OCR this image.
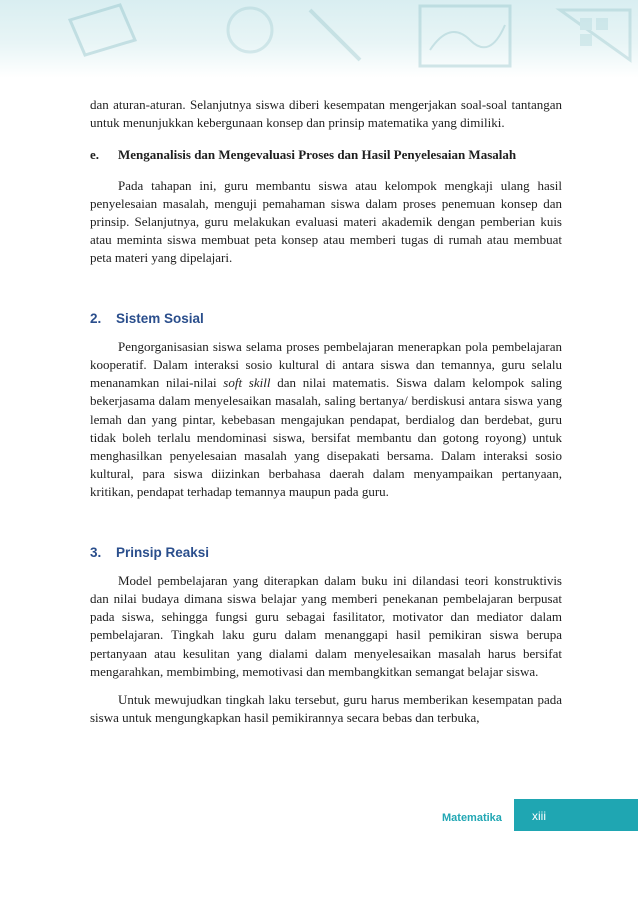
dan aturan-aturan. Selanjutnya siswa diberi kesempatan mengerjakan soal-soal tantangan untuk menunjukkan kebergunaan konsep dan prinsip matematika yang dimiliki.

e.	Menganalisis dan Mengevaluasi Proses dan Hasil Penyelesaian Masalah

Pada tahapan ini, guru membantu siswa atau kelompok mengkaji ulang hasil penyelesaian masalah, menguji pemahaman siswa dalam proses penemuan konsep dan prinsip. Selanjutnya, guru melakukan evaluasi materi akademik dengan pemberian kuis atau meminta siswa membuat peta konsep atau memberi tugas di rumah atau membuat peta materi yang dipelajari.

2.	Sistem Sosial

Pengorganisasian siswa selama proses pembelajaran menerapkan pola pembelajaran kooperatif. Dalam interaksi sosio kultural di antara siswa dan temannya, guru selalu menanamkan nilai-nilai soft skill dan nilai matematis. Siswa dalam kelompok saling bekerjasama dalam menyelesaikan masalah, saling bertanya/ berdiskusi antara siswa yang lemah dan yang pintar, kebebasan mengajukan pendapat, berdialog dan berdebat, guru tidak boleh terlalu mendominasi siswa, bersifat membantu dan gotong royong) untuk menghasilkan penyelesaian masalah yang disepakati bersama. Dalam interaksi sosio kultural, para siswa diizinkan berbahasa daerah dalam menyampaikan pertanyaan, kritikan, pendapat terhadap temannya maupun pada guru.

3.	Prinsip Reaksi

Model pembelajaran yang diterapkan dalam buku ini dilandasi teori konstruktivis dan nilai budaya dimana siswa belajar yang memberi penekanan pembelajaran berpusat pada siswa, sehingga fungsi guru sebagai fasilitator, motivator dan mediator dalam pembelajaran. Tingkah laku guru dalam menanggapi hasil pemikiran siswa berupa pertanyaan atau kesulitan yang dialami dalam menyelesaikan masalah harus bersifat mengarahkan, membimbing, memotivasi dan membangkitkan semangat belajar siswa.

Untuk mewujudkan tingkah laku tersebut, guru harus memberikan kesempatan pada siswa untuk mengungkapkan hasil pemikirannya secara bebas dan terbuka,

Matematika	xiii
